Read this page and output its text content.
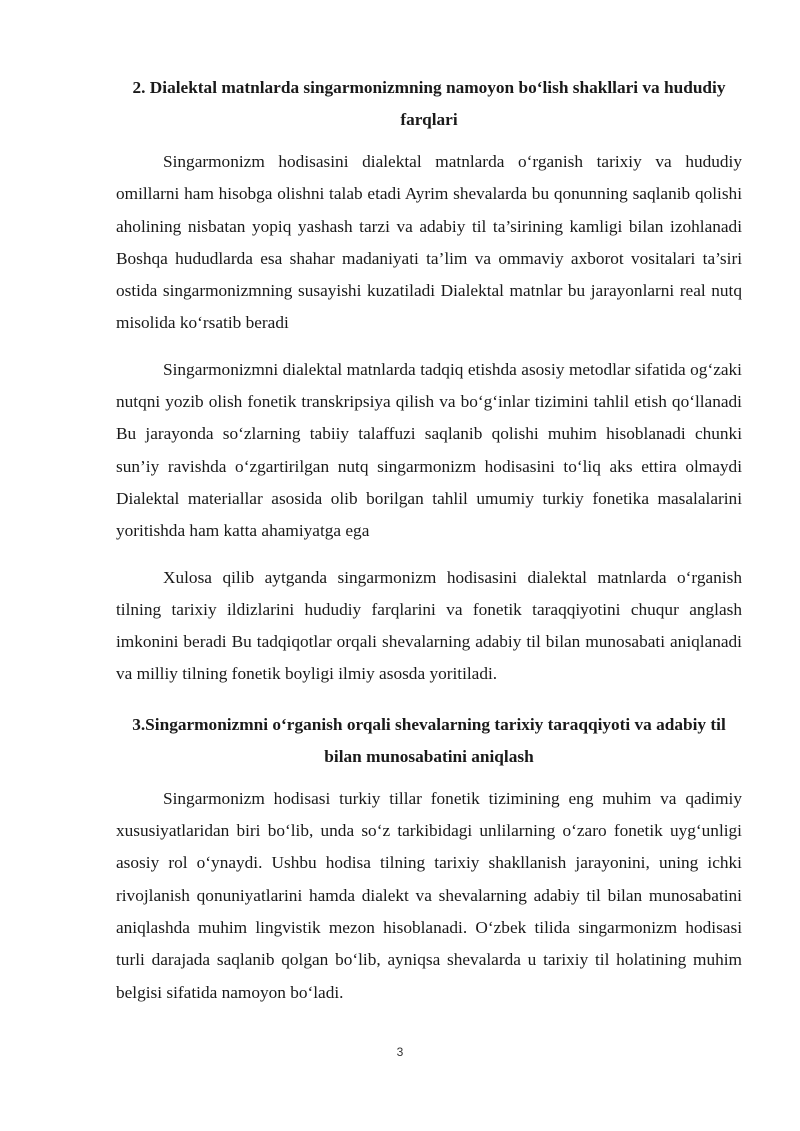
2. Dialektal matnlarda singarmonizmning namoyon bo‘lish shakllari va hududiy farqlari

Singarmonizm hodisasini dialektal matnlarda o‘rganish tarixiy va hududiy omillarni ham hisobga olishni talab etadi Ayrim shevalarda bu qonunning saqlanib qolishi aholining nisbatan yopiq yashash tarzi va adabiy til ta’sirining kamligi bilan izohlanadi Boshqa hududlarda esa shahar madaniyati ta’lim va ommaviy axborot vositalari ta’siri ostida singarmonizmning susayishi kuzatiladi Dialektal matnlar bu jarayonlarni real nutq misolida ko‘rsatib beradi

Singarmonizmni dialektal matnlarda tadqiq etishda asosiy metodlar sifatida og‘zaki nutqni yozib olish fonetik transkripsiya qilish va bo‘g‘inlar tizimini tahlil etish qo‘llanadi Bu jarayonda so‘zlarning tabiiy talaffuzi saqlanib qolishi muhim hisoblanadi chunki sun’iy ravishda o‘zgartirilgan nutq singarmonizm hodisasini to‘liq aks ettira olmaydi Dialektal materiallar asosida olib borilgan tahlil umumiy turkiy fonetika masalalarini yoritishda ham katta ahamiyatga ega

Xulosa qilib aytganda singarmonizm hodisasini dialektal matnlarda o‘rganish tilning tarixiy ildizlarini hududiy farqlarini va fonetik taraqqiyotini chuqur anglash imkonini beradi Bu tadqiqotlar orqali shevalarning adabiy til bilan munosabati aniqlanadi va milliy tilning fonetik boyligi ilmiy asosda yoritiladi.

3.Singarmonizmni o‘rganish orqali shevalarning tarixiy taraqqiyoti va adabiy til bilan munosabatini aniqlash

Singarmonizm hodisasi turkiy tillar fonetik tizimining eng muhim va qadimiy xususiyatlaridan biri bo‘lib, unda so‘z tarkibidagi unlilarning o‘zaro fonetik uyg‘unligi asosiy rol o‘ynaydi. Ushbu hodisa tilning tarixiy shakllanish jarayonini, uning ichki rivojlanish qonuniyatlarini hamda dialekt va shevalarning adabiy til bilan munosabatini aniqlashda muhim lingvistik mezon hisoblanadi. O‘zbek tilida singarmonizm hodisasi turli darajada saqlanib qolgan bo‘lib, ayniqsa shevalarda u tarixiy til holatining muhim belgisi sifatida namoyon bo‘ladi.

3
